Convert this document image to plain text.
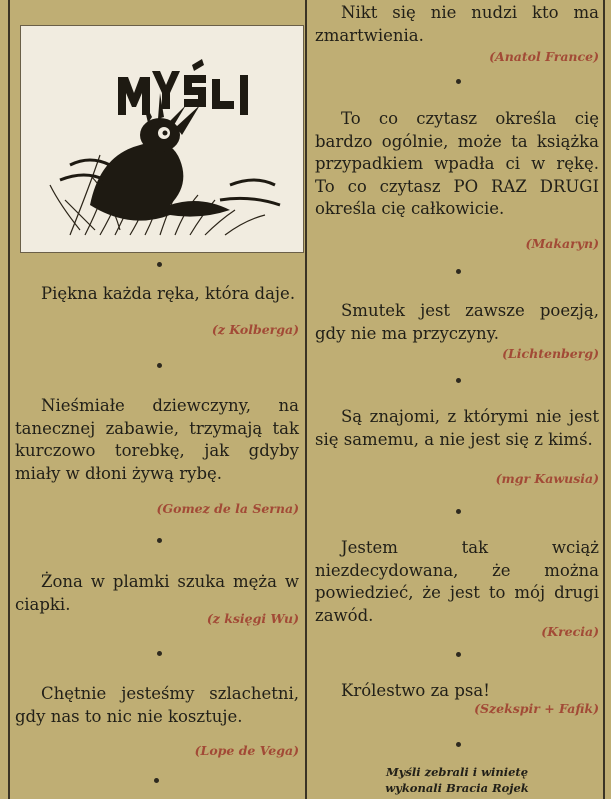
Piękna każda ręka, która daje.

(z Kolberga)

Nieśmiałe dziewczyny, na tanecznej zabawie, trzymają tak kurczowo torebkę, jak gdyby miały w dłoni żywą rybę.

(Gomez de la Serna)

Żona w plamki szuka męża w ciapki.

(z księgi Wu)

Chętnie jesteśmy szlachetni, gdy nas to nic nie kosztuje.

(Lope de Vega)

Nikt się nie nudzi kto ma zmartwienia.

(Anatol France)

To co czytasz określa cię bardzo ogólnie, może ta książka przypadkiem wpadła ci w rękę. To co czytasz PO RAZ DRUGI określa cię całkowicie.

(Makaryn)

Smutek jest zawsze poezją, gdy nie ma przyczyny.

(Lichtenberg)

Są znajomi, z którymi nie jest się samemu, a nie jest się z kimś.

(mgr Kawusia)

Jestem tak wciąż niezdecydowana, że można powiedzieć, że jest to mój drugi zawód.

(Krecia)

Królestwo za psa!

(Szekspir + Fafik)

Myśli zebrali i winietę
wykonali Bracia Rojek
